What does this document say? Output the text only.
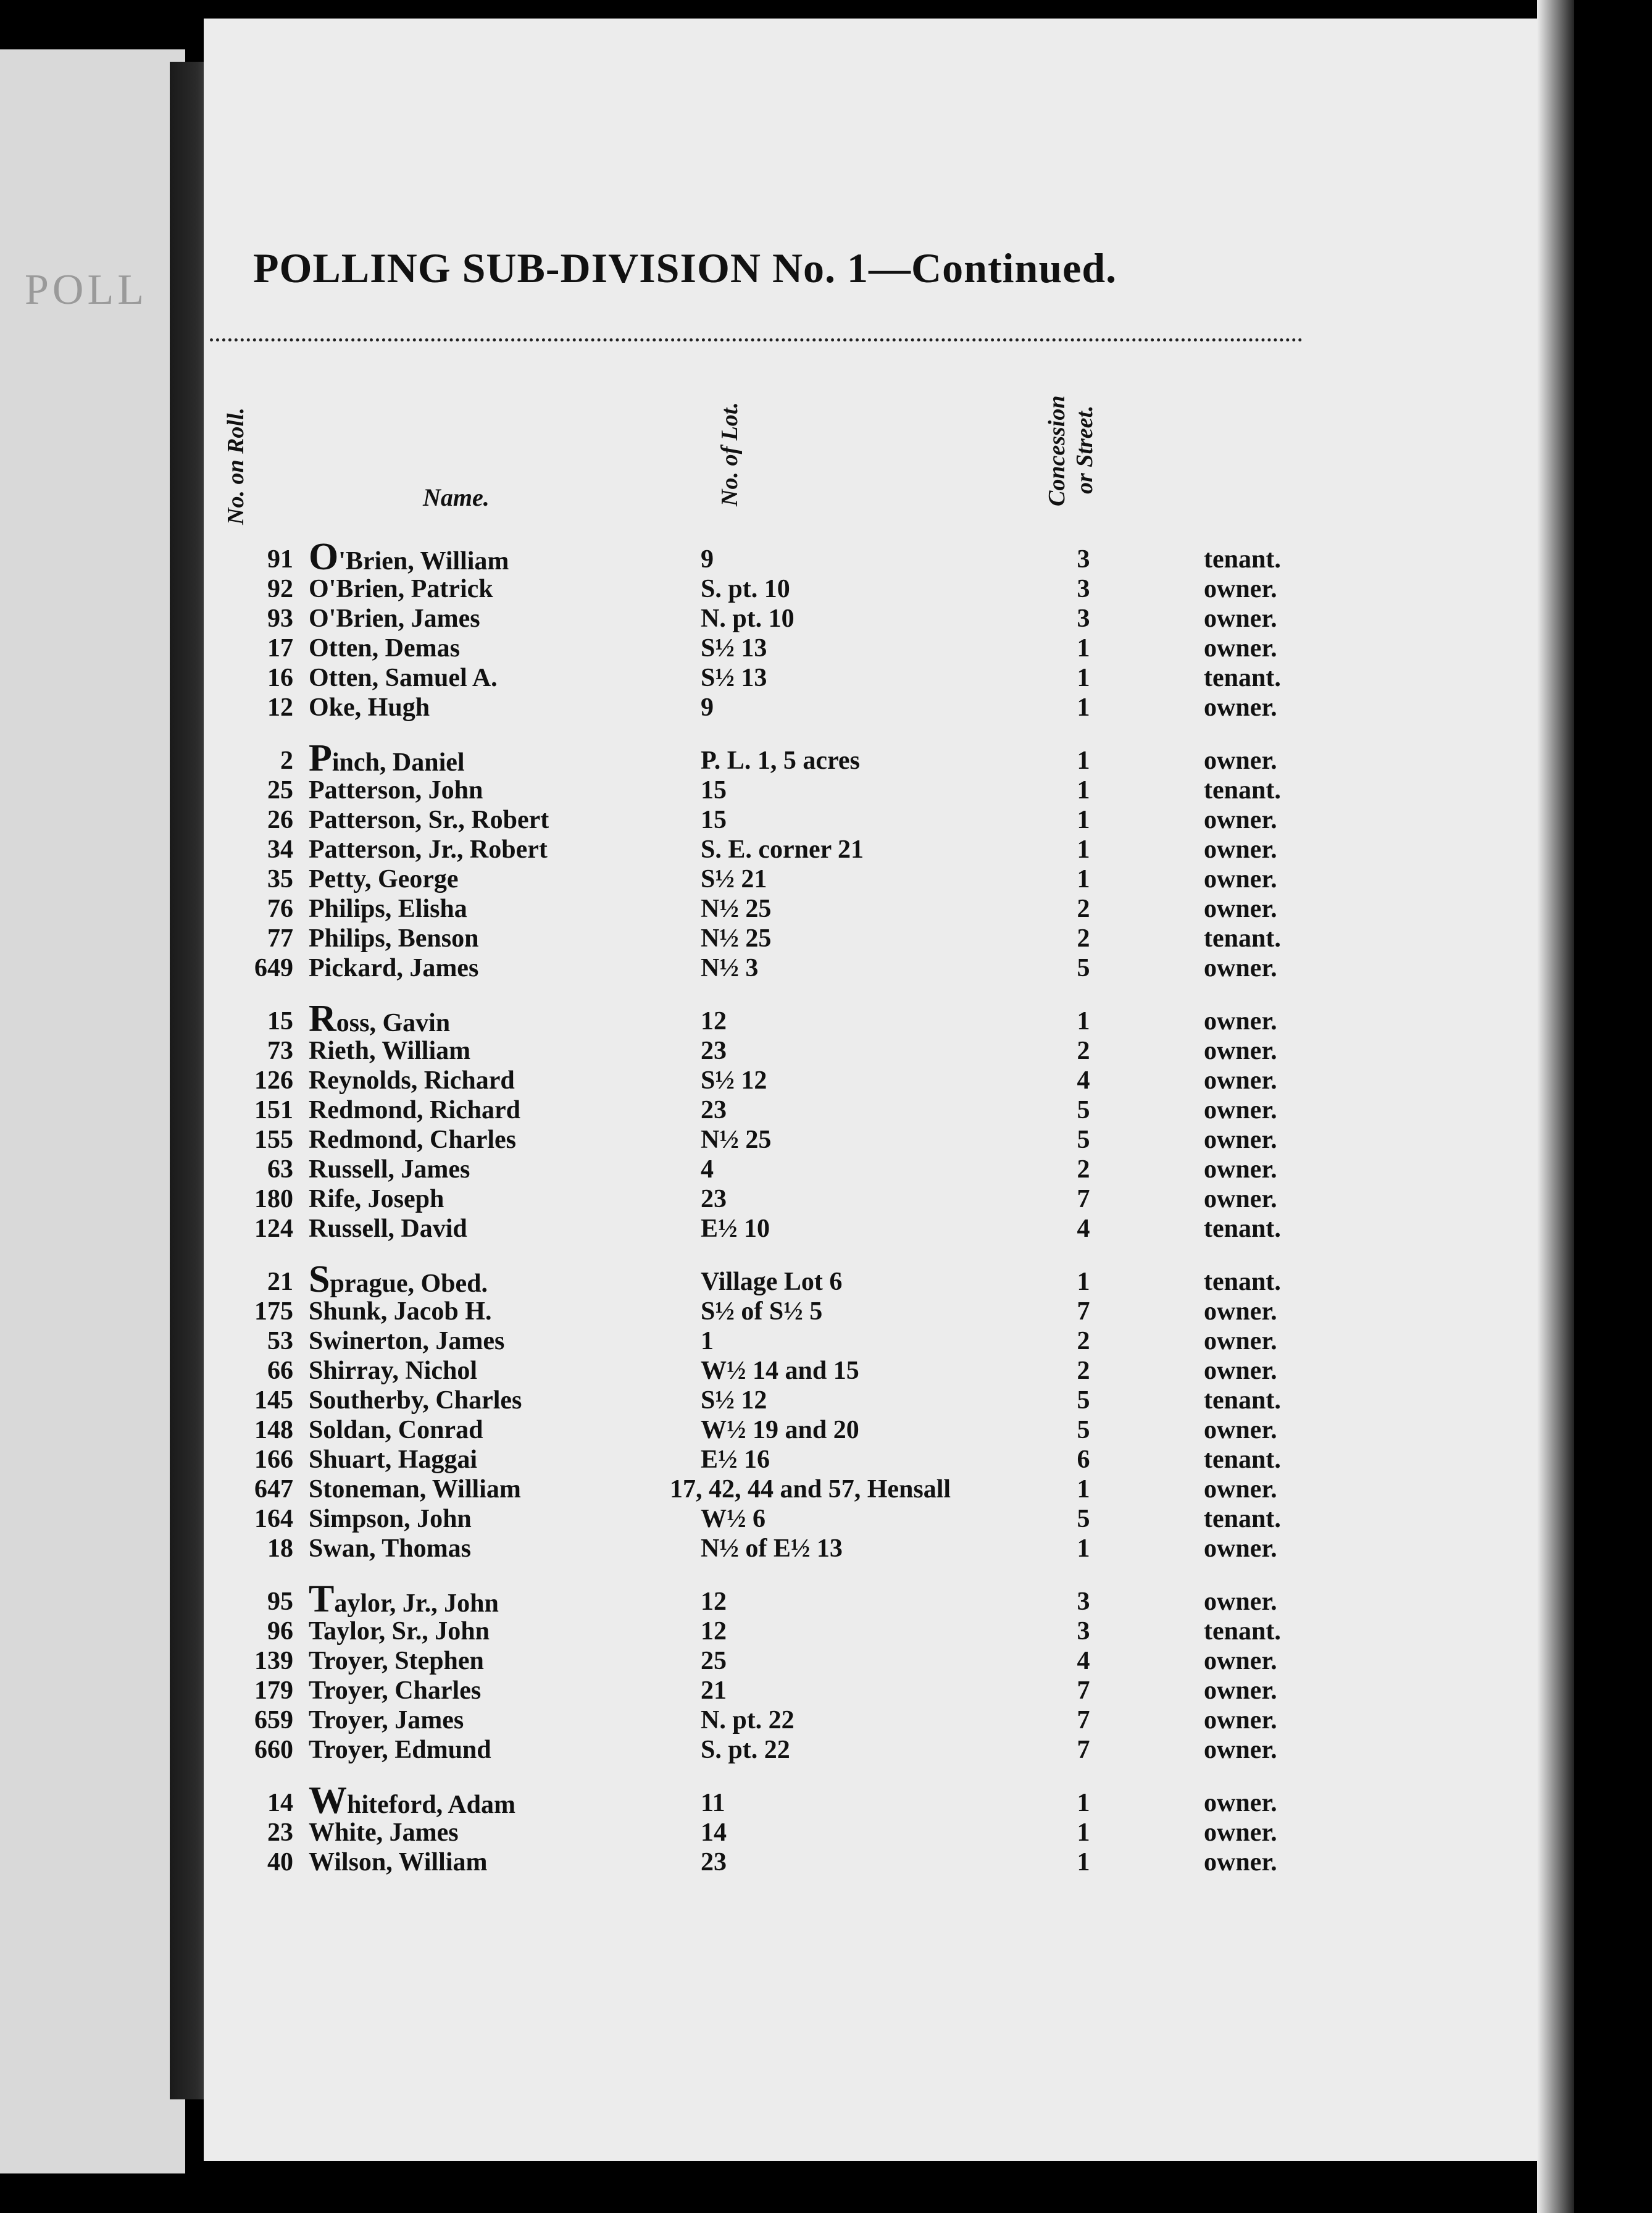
POLL	POLLING SUB-DIVISION No. 1—Continued.
No. on Roll.	Name.	No. of Lot.	Concession or Street.
91 O'Brien, William	9	3	tenant.
92 O'Brien, Patrick	S. pt. 10	3	owner.
93 O'Brien, James	N. pt. 10	3	owner.
17 Otten, Demas	S½ 13	1	owner.
16 Otten, Samuel A.	S½ 13	1	tenant.
12 Oke, Hugh	9	1	owner.
2 Pinch, Daniel	P. L. 1, 5 acres	1	owner.
25 Patterson, John	15	1	tenant.
26 Patterson, Sr., Robert	15	1	owner.
34 Patterson, Jr., Robert	S. E. corner 21	1	owner.
35 Petty, George	S½ 21	1	owner.
76 Philips, Elisha	N½ 25	2	owner.
77 Philips, Benson	N½ 25	2	tenant.
649 Pickard, James	N½ 3	5	owner.
15 Ross, Gavin	12	1	owner.
73 Rieth, William	23	2	owner.
126 Reynolds, Richard	S½ 12	4	owner.
151 Redmond, Richard	23	5	owner.
155 Redmond, Charles	N½ 25	5	owner.
63 Russell, James	4	2	owner.
180 Rife, Joseph	23	7	owner.
124 Russell, David	E½ 10	4	tenant.
21 Sprague, Obed.	Village Lot 6	1	tenant.
175 Shunk, Jacob H.	S½ of S½ 5	7	owner.
53 Swinerton, James	1	2	owner.
66 Shirray, Nichol	W½ 14 and 15	2	owner.
145 Southerby, Charles	S½ 12	5	tenant.
148 Soldan, Conrad	W½ 19 and 20	5	owner.
166 Shuart, Haggai	E½ 16	6	tenant.
647 Stoneman, William	17, 42, 44 and 57, Hensall	1	owner.
164 Simpson, John	W½ 6	5	tenant.
18 Swan, Thomas	N½ of E½ 13	1	owner.
95 Taylor, Jr., John	12	3	owner.
96 Taylor, Sr., John	12	3	tenant.
139 Troyer, Stephen	25	4	owner.
179 Troyer, Charles	21	7	owner.
659 Troyer, James	N. pt. 22	7	owner.
660 Troyer, Edmund	S. pt. 22	7	owner.
14 Whiteford, Adam	11	1	owner.
23 White, James	14	1	owner.
40 Wilson, William	23	1	owner.
